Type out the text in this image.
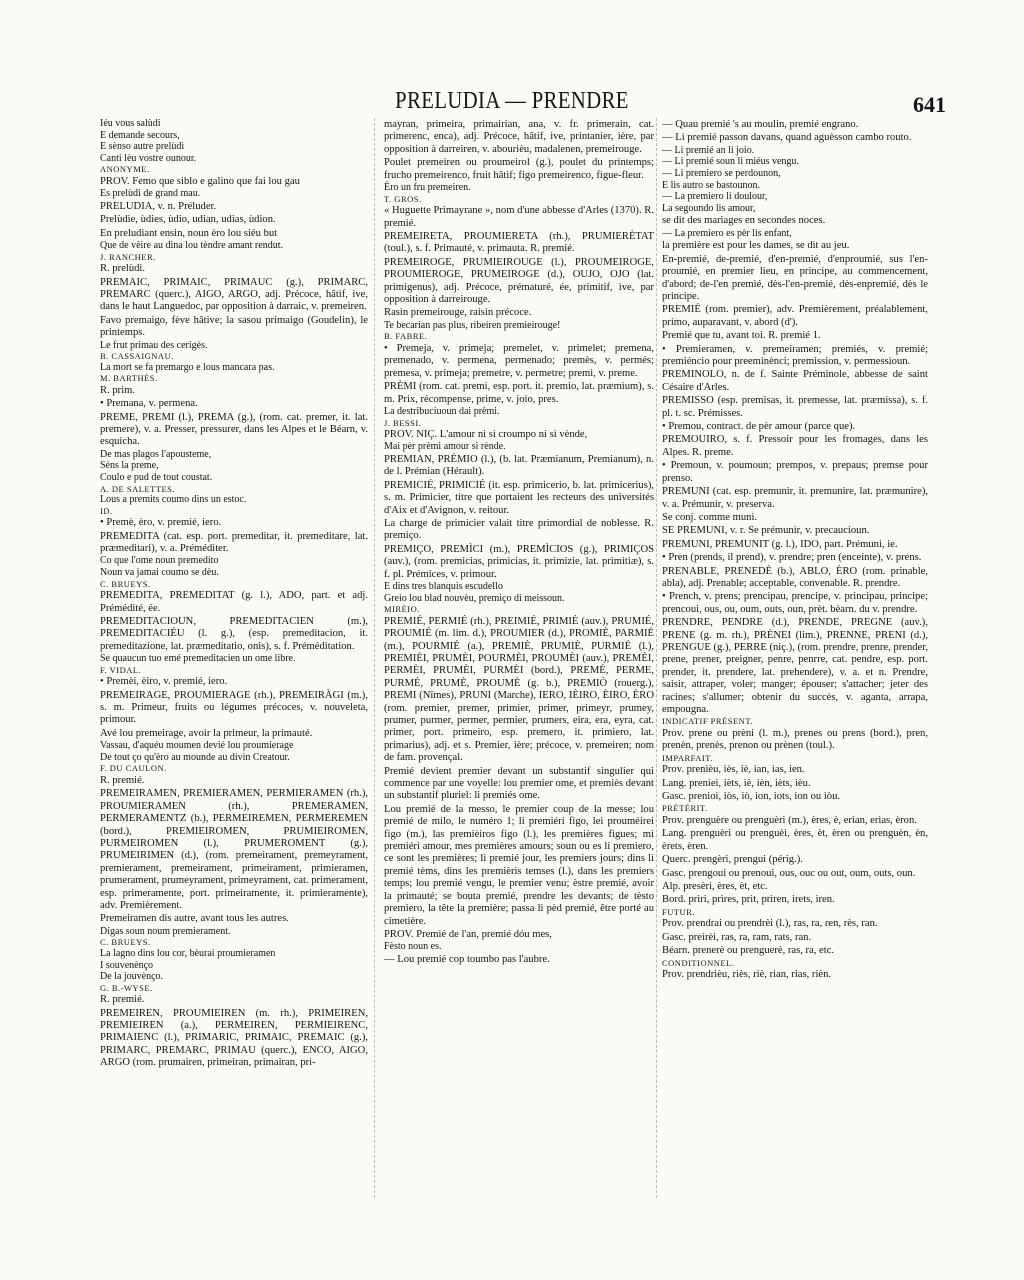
PRELUDIA — PRENDRE	641

Iéu vous salùdi

E demande secours,

E sènso autre prelùdi

Canti lèu vostre ounour.

ANONYME.

PROV. Femo que siblo e galino que fai lou gau

Es prelùdi de grand mau.

PRELUDIA, v. n. Préluder.

Prelùdie, ùdies, ùdio, udian, udias, ùdion.

En preludiant ensin, noun èro lou siéu but

Que de vèire au dina lou tèndre amant rendut.

J. RANCHER.

R. prelùdi.

PREMAIC, PRIMAIC, PRIMAUC (g.), PRIMARC, PREMARC (querc.), AIGO, ARGO, adj. Précoce, hâtif, ive, dans le haut Languedoc, par opposition à darraic, v. premeiren.

Favo premaigo, fève hâtive; la sasou primaigo (Goudelin), le printemps.

Le frut primau des cerigès.

B. CASSAIGNAU.

La mort se fa premargo e lous mancara pas.

M. BARTHÈS.

R. prim.

• Premana, v. permena.

PREME, PREMI (l.), PREMA (g.), (rom. cat. premer, it. lat. premere), v. a. Presser, pressurer, dans les Alpes et le Béarn, v. esquicha.

De mas plagos l'apousteme,

Sèns la preme,

Coulo e pud de tout coustat.

A. DE SALETTES.

Lous a premits coumo dins un estoc.

ID.

• Premè, èro, v. premié, iero.

PREMEDITA (cat. esp. port. premeditar, it. premeditare, lat. præmeditari), v. a. Préméditer.

Co que l'ome noun premedito

Noun va jamai coumo se dèu.

C. BRUEYS.

PREMEDITA, PREMEDITAT (g. l.), ADO, part. et adj. Prémédité, ée.

PREMEDITACIOUN, PREMEDITACIEN (m.), PREMEDITACIÉU (l. g.), (esp. premeditacion, it. premeditazione, lat. præmeditatio, onis), s. f. Préméditation.

Se quaucun tuo emé premeditacien un ome libre.

F. VIDAL.

• Premèi, èiro, v. premié, iero.

PREMEIRAGE, PROUMIERAGE (rh.), PREMEIRÀGI (m.), s. m. Primeur, fruits ou légumes précoces, v. nouveleta, primour.

Avé lou premeirage, avoir la primeur, la primauté.

Vassau, d'aquéu moumen devié lou proumierage

De tout ço qu'èro au mounde au divin Creatour.

F. DU CAULON.

R. premié.

PREMEIRAMEN, PREMIERAMEN, PERMIERAMEN (rh.), PROUMIERAMEN (rh.), PREMERAMEN, PERMERAMENTZ (b.), PERMEIREMEN, PERMEREMEN (bord.), PREMIEIROMEN, PRUMIEIROMEN, PURMEIROMEN (l.), PRUMEROMENT (g.), PRUMEIRIMEN (d.), (rom. premeirament, premeyrament, premierament, premeirament, primeirament, primieramen, prumerament, prumeyrament, primeyrament, cat. primerament, esp. primeramente, port. primeiramente, it. primieramente), adv. Premièrement.

Premeiramen dis autre, avant tous les autres.

Digas soun noum premierament.

C. BRUEYS.

La lagno dins lou cor, bèurai proumieramen

I souvenènço

De la jouvènço.

G. B.-WYSE.

R. premié.

PREMEIREN, PROUMIEIREN (m. rh.), PRIMEIREN, PREMIEIREN (a.), PERMEIREN, PERMIEIRENC, PRIMAIENC (l.), PRIMARIC, PRIMAIC, PREMAIC (g.), PRIMARC, PREMARC, PRIMAU (querc.), ENCO, AIGO, ARGO (rom. prumairen, primeiran, primairan, pri-

mayran, primeira, primairian, ana, v. fr. primerain, cat. primerenc, enca), adj. Précoce, hâtif, ive, printanier, ière, par opposition à darreiren, v. abourièu, madalenen, premeirouge.

Poulet premeiren ou proumeirol (g.), poulet du printemps; frucho premeirenco, fruit hâtif; figo premeirenco, figue-fleur.

Èro un fru premeiren.

T. GROS.

« Huguette Primayrane », nom d'une abbesse d'Arles (1370). R. premié.

PREMEIRETA, PROUMIERETA (rh.), PRUMIERÈTAT (toul.), s. f. Primauté, v. primauta. R. premié.

PREMEIROGE, PRUMIEIROUGE (l.), PROUMEIROGE, PROUMIEROGE, PRUMEIROGE (d.), OUJO, OJO (lat. primigenus), adj. Précoce, prématuré, ée, primitif, ive, par opposition à darreirouge.

Rasin premeirouge, raisin précoce.

Te becarian pas plus, ribeiren premieirouge!

B. FABRE.

• Premeja, v. primeja; premelet, v. primelet; premena, premenado, v. permena, permenado; premès, v. permés; premesa, v. primeja; premetre, v. permetre; premi, v. preme.

PRÈMI (rom. cat. premi, esp. port. it. premio, lat. præmium), s. m. Prix, récompense, prime, v. joio, pres.

La destribuciuoun dai prèmi.

J. BESSI.

PROV. NIÇ. L'amour ni si croumpo ni si vènde,

Mai pèr prèmi amour si rènde.

PREMIAN, PRÉMIO (l.), (b. lat. Præmianum, Premianum), n. de l. Prémian (Hérault).

PREMICIÉ, PRIMICIÉ (it. esp. primicerio, b. lat. primicerius), s. m. Primicier, titre que portaient les recteurs des universités d'Aix et d'Avignon, v. reitour.

La charge de primicier valait titre primordial de noblesse. R. premiço.

PREMIÇO, PREMÌCI (m.), PREMÌCIOS (g.), PRIMIÇOS (auv.), (rom. premicias, primicias, it. primizie, lat. primitiæ), s. f. pl. Prémices, v. primour.

E dins tres blanquis escudello

Greio lou blad nouvèu, premiço di meissoun.

MIRÈIO.

PREMIÉ, PERMIÉ (rh.), PREIMIÉ, PRIMIÉ (auv.), PRUMIÉ, PROUMIÉ (m. lim. d.), PROUMIER (d.), PROMIÈ, PARMIÉ (m.), POURMIÉ (a.), PREMIÈ, PRUMIÈ, PURMIÉ (l.), PREMIÈI, PRUMÈI, POURMÈI, PROUMÈI (auv.), PREMÈI, PERMÈI, PRUMÈI, PURMÈI (bord.), PREMÉ, PERME, PURMÉ, PRUMÈ, PROUMÈ (g. b.), PREMIÒ (rouerg.), PREMI (Nîmes), PRUNI (Marche), IERO, IÈIRO, ÈIRO, ÈRO (rom. premier, premer, primier, primer, primeyr, prumey, prumer, purmer, permer, permier, prumers, eira, era, eyra, cat. primer, port. primeiro, esp. premero, it. primiero, lat. primarius), adj. et s. Premier, ière; précoce, v. premeiren; nom de fam. provençal.

Premié devient premier devant un substantif singulier qui commence par une voyelle: lou premier ome, et premiès devant un substantif pluriel: li premiés ome.

Lou premié de la messo, le premier coup de la messe; lou premié de milo, le numéro 1; li premiéri figo, lei prouméirei figo (m.), las premièiros figo (l.), les premières figues; mi premiéri amour, mes premières amours; soun ou es li premiero, ce sont les premières; li premié jour, les premiers jours; dins li premié tèms, dins les premièris temses (l.), dans les premiers temps; lou premié vengu, le premier venu; èstre premié, avoir la primauté; se bouta premié, prendre les devants; de tèsto premiero, la tête la première; passa li pèd premié, être porté au cimetière.

PROV. Premié de l'an, premié dóu mes,

Fèsto noun es.

— Lou premié cop toumbo pas l'aubre.

— Quau premié 's au moulin, premié engrano.

— Li premié passon davans, quand aguèsson cambo routo.

— Li premié an li joio.

— Li premié soun li miéus vengu.

— Li premiero se perdounon,

E lis autro se bastounon.

— La premiero li doulour,

La segoundo lis amour,

se dit des mariages en secondes noces.

— La premiero es pèr lis enfant,

la première est pour les dames, se dit au jeu.

En-premié, de-premié, d'en-premié, d'enproumié, sus l'en-proumié, en premier lieu, en principe, au commencement, d'abord; de-l'en premié, dès-l'en-premié, dès-enpremié, dès le principe.

PREMIÉ (rom. premier), adv. Premièrement, préalablement, primo, auparavant, v. abord (d').

Premié que tu, avant toi. R. premié 1.

• Premieramen, v. premeiramen; premiés, v. premié; premiéncio pour preeminènci; premission, v. permessioun.

PREMINOLO, n. de f. Sainte Préminole, abbesse de saint Césaire d'Arles.

PREMISSO (esp. premisas, it. premesse, lat. præmissa), s. f. pl. t. sc. Prémisses.

• Premou, contract. de pèr amour (parce que).

PREMOUIRO, s. f. Pressoir pour les fromages, dans les Alpes. R. preme.

• Premoun, v. poumoun; prempos, v. prepaus; premse pour prenso.

PREMUNI (cat. esp. premunir, it. premunire, lat. præmunire), v. a. Prémunir, v. preserva.

Se conj. comme muni.

SE PREMUNI, v. r. Se prémunir, v. precaucioun.

PREMUNI, PREMUNIT (g. l.), IDO, part. Prémuni, ie.

• Pren (prends, il prend), v. prendre; pren (enceinte), v. prens.

PRENABLE, PRENEDÈ (b.), ABLO, ÈRO (rom. prinable, abla), adj. Prenable; acceptable, convenable. R. prendre.

• Prench, v. prens; prencipau, prencipe, v. principau, principe; prencoui, ous, ou, oum, outs, oun, prèt. bèarn. du v. prendre.

PRENDRE, PENDRE (d.), PRENDE, PREGNE (auv.), PRENE (g. m. rh.), PRÈNEI (lim.), PRENNE, PRENI (d.), PRENGUE (g.), PERRE (niç.), (rom. prendre, prenre, prender, prene, prener, preigner, penre, penrre, cat. pendre, esp. port. prender, it. prendere, lat. prehendere), v. a. et n. Prendre, saisir, attraper, voler; manger; épouser; s'attacher; jeter des racines; s'allumer; obtenir du succès, v. aganta, arrapa, empougna.

INDICATIF PRÉSENT.

Prov. prene ou prèni (l. m.), prenes ou prens (bord.), pren, prenèn, prenès, prenon ou prènen (toul.).

IMPARFAIT.

Prov. prenièu, iès, iè, ian, ias, ien.

Lang. preniei, ièts, iè, ièn, ièts, ièu.

Gasc. prenioi, iòs, iò, ion, iots, ion ou iòu.

PRÉTÉRIT.

Prov. prenguère ou prenguèri (m.), ères, è, erian, erias, èron.

Lang. prenguèri ou prenguèi, ères, èt, èren ou prenguèn, èn, èrets, èren.

Querc. prengèri, prengui (périg.).

Gasc. prengoui ou prenoui, ous, ouc ou out, oum, outs, oun.

Alp. presèri, ères, èt, etc.

Bord. prìri, prìres, prìt, prìren, irets, ìren.

FUTUR.

Prov. prendrai ou prendrèi (l.), ras, ra, ren, rès, ran.

Gasc. preirèi, ras, ra, ram, rats, ran.

Béarn. prenerè ou prenguerè, ras, ra, etc.

CONDITIONNEL.

Prov. prendrièu, riès, riè, rian, rias, rièn.
